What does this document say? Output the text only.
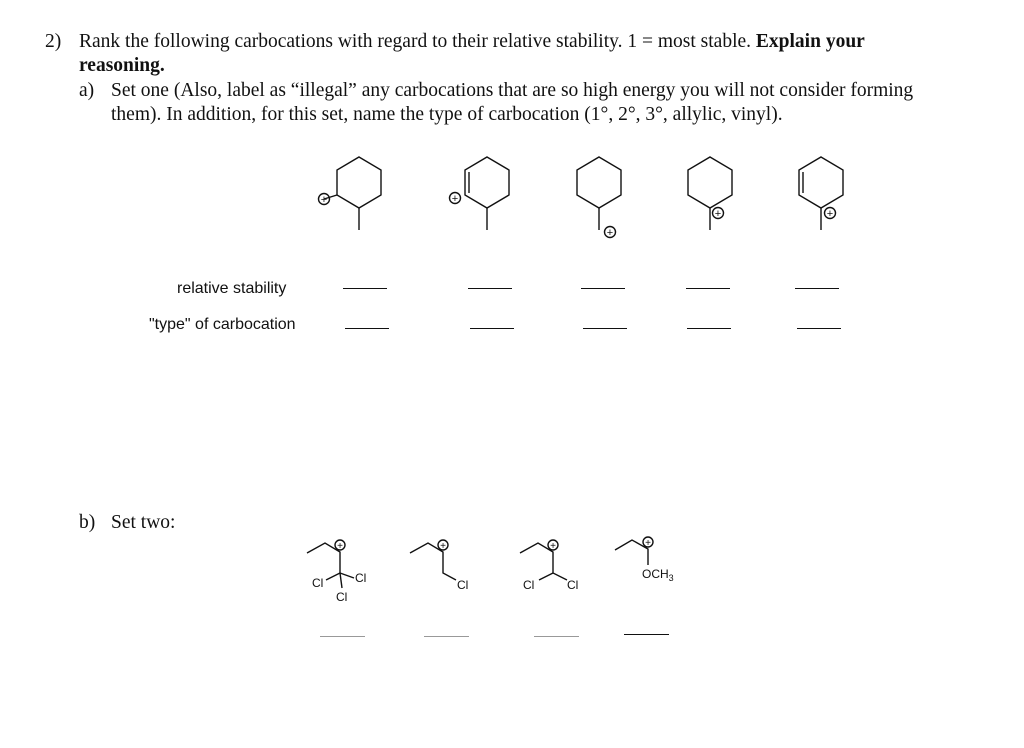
2) Rank the following carbocations with regard to their relative stability. 1 = most stable. Explain your
reasoning.
a) Set one (Also, label as “illegal” any carbocations that are so high energy you will not consider forming
them). In addition, for this set, name the type of carbocation (1°, 2°, 3°, allylic, vinyl).
relative stability
"type" of carbocation
b) Set two:
+	+
+
+	+
+	+	+	+
Cl	Cl
Cl
Cl	Cl	Cl
$OCH_3$
